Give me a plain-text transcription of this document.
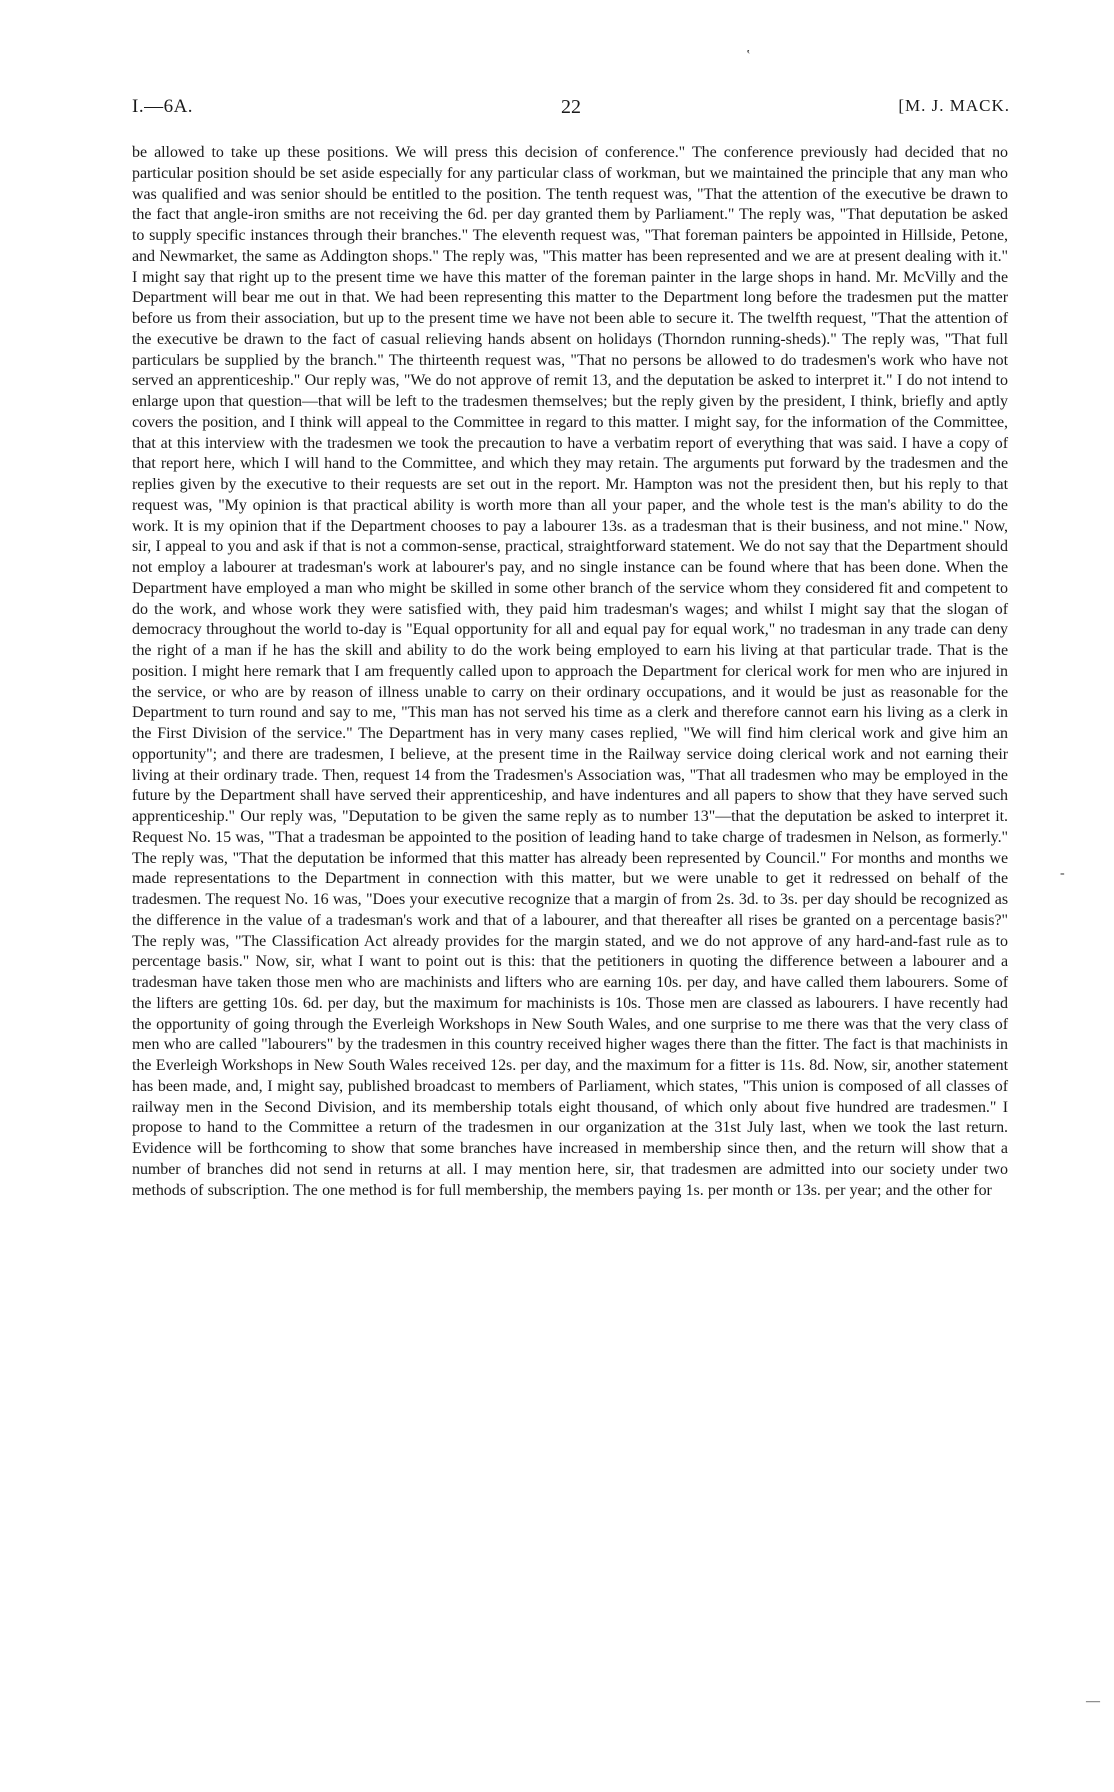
I.—6A.	22	[M. J. MACK.

be allowed to take up these positions. We will press this decision of conference." The conference previously had decided that no particular position should be set aside especially for any particular class of workman, but we maintained the principle that any man who was qualified and was senior should be entitled to the position. The tenth request was, "That the attention of the executive be drawn to the fact that angle-iron smiths are not receiving the 6d. per day granted them by Parliament." The reply was, "That deputation be asked to supply specific instances through their branches." The eleventh request was, "That foreman painters be appointed in Hillside, Petone, and Newmarket, the same as Addington shops." The reply was, "This matter has been represented and we are at present dealing with it." I might say that right up to the present time we have this matter of the foreman painter in the large shops in hand. Mr. McVilly and the Department will bear me out in that. We had been representing this matter to the Department long before the tradesmen put the matter before us from their association, but up to the present time we have not been able to secure it. The twelfth request, "That the attention of the executive be drawn to the fact of casual relieving hands absent on holidays (Thorndon running-sheds)." The reply was, "That full particulars be supplied by the branch." The thirteenth request was, "That no persons be allowed to do tradesmen's work who have not served an apprenticeship." Our reply was, "We do not approve of remit 13, and the deputation be asked to interpret it." I do not intend to enlarge upon that question—that will be left to the tradesmen themselves; but the reply given by the president, I think, briefly and aptly covers the position, and I think will appeal to the Committee in regard to this matter. I might say, for the information of the Committee, that at this interview with the tradesmen we took the precaution to have a verbatim report of everything that was said. I have a copy of that report here, which I will hand to the Committee, and which they may retain. The arguments put forward by the tradesmen and the replies given by the executive to their requests are set out in the report. Mr. Hampton was not the president then, but his reply to that request was, "My opinion is that practical ability is worth more than all your paper, and the whole test is the man's ability to do the work. It is my opinion that if the Department chooses to pay a labourer 13s. as a tradesman that is their business, and not mine." Now, sir, I appeal to you and ask if that is not a common-sense, practical, straightforward statement. We do not say that the Department should not employ a labourer at tradesman's work at labourer's pay, and no single instance can be found where that has been done. When the Department have employed a man who might be skilled in some other branch of the service whom they considered fit and competent to do the work, and whose work they were satisfied with, they paid him tradesman's wages; and whilst I might say that the slogan of democracy throughout the world to-day is "Equal opportunity for all and equal pay for equal work," no tradesman in any trade can deny the right of a man if he has the skill and ability to do the work being employed to earn his living at that particular trade. That is the position. I might here remark that I am frequently called upon to approach the Department for clerical work for men who are injured in the service, or who are by reason of illness unable to carry on their ordinary occupations, and it would be just as reasonable for the Department to turn round and say to me, "This man has not served his time as a clerk and therefore cannot earn his living as a clerk in the First Division of the service." The Department has in very many cases replied, "We will find him clerical work and give him an opportunity"; and there are tradesmen, I believe, at the present time in the Railway service doing clerical work and not earning their living at their ordinary trade. Then, request 14 from the Tradesmen's Association was, "That all tradesmen who may be employed in the future by the Department shall have served their apprenticeship, and have indentures and all papers to show that they have served such apprenticeship." Our reply was, "Deputation to be given the same reply as to number 13"—that the deputation be asked to interpret it. Request No. 15 was, "That a tradesman be appointed to the position of leading hand to take charge of tradesmen in Nelson, as formerly." The reply was, "That the deputation be informed that this matter has already been represented by Council." For months and months we made representations to the Department in connection with this matter, but we were unable to get it redressed on behalf of the tradesmen. The request No. 16 was, "Does your executive recognize that a margin of from 2s. 3d. to 3s. per day should be recognized as the difference in the value of a tradesman's work and that of a labourer, and that thereafter all rises be granted on a percentage basis?" The reply was, "The Classification Act already provides for the margin stated, and we do not approve of any hard-and-fast rule as to percentage basis." Now, sir, what I want to point out is this: that the petitioners in quoting the difference between a labourer and a tradesman have taken those men who are machinists and lifters who are earning 10s. per day, and have called them labourers. Some of the lifters are getting 10s. 6d. per day, but the maximum for machinists is 10s. Those men are classed as labourers. I have recently had the opportunity of going through the Everleigh Workshops in New South Wales, and one surprise to me there was that the very class of men who are called "labourers" by the tradesmen in this country received higher wages there than the fitter. The fact is that machinists in the Everleigh Workshops in New South Wales received 12s. per day, and the maximum for a fitter is 11s. 8d. Now, sir, another statement has been made, and, I might say, published broadcast to members of Parliament, which states, "This union is composed of all classes of railway men in the Second Division, and its membership totals eight thousand, of which only about five hundred are tradesmen." I propose to hand to the Committee a return of the tradesmen in our organization at the 31st July last, when we took the last return. Evidence will be forthcoming to show that some branches have increased in membership since then, and the return will show that a number of branches did not send in returns at all. I may mention here, sir, that tradesmen are admitted into our society under two methods of subscription. The one method is for full membership, the members paying 1s. per month or 13s. per year; and the other for

‛
-
—
